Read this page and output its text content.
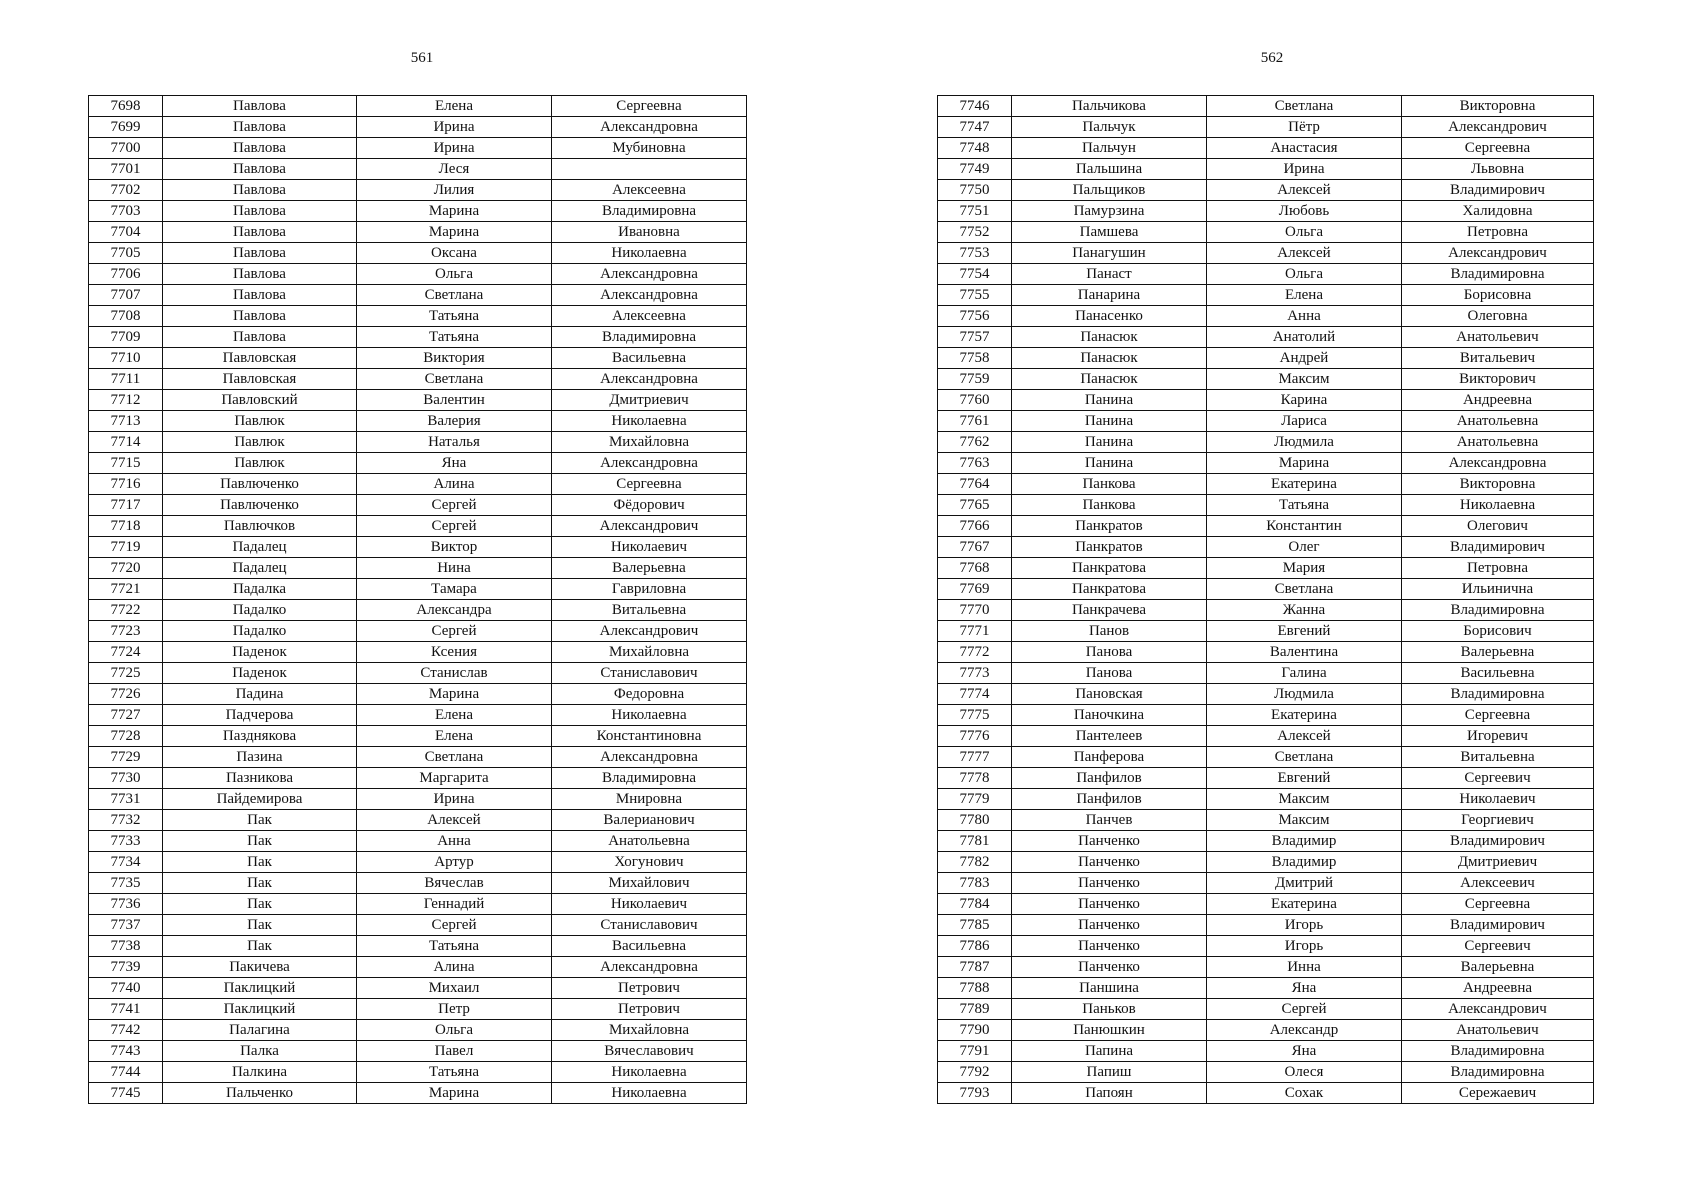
561	562
7698	Павлова	Елена	Сергеевна
7699	Павлова	Ирина	Александровна
7700	Павлова	Ирина	Мубиновна
7701	Павлова	Леся	
7702	Павлова	Лилия	Алексеевна
7703	Павлова	Марина	Владимировна
7704	Павлова	Марина	Ивановна
7705	Павлова	Оксана	Николаевна
7706	Павлова	Ольга	Александровна
7707	Павлова	Светлана	Александровна
7708	Павлова	Татьяна	Алексеевна
7709	Павлова	Татьяна	Владимировна
7710	Павловская	Виктория	Васильевна
7711	Павловская	Светлана	Александровна
7712	Павловский	Валентин	Дмитриевич
7713	Павлюк	Валерия	Николаевна
7714	Павлюк	Наталья	Михайловна
7715	Павлюк	Яна	Александровна
7716	Павлюченко	Алина	Сергеевна
7717	Павлюченко	Сергей	Фёдорович
7718	Павлючков	Сергей	Александрович
7719	Падалец	Виктор	Николаевич
7720	Падалец	Нина	Валерьевна
7721	Падалка	Тамара	Гавриловна
7722	Падалко	Александра	Витальевна
7723	Падалко	Сергей	Александрович
7724	Паденок	Ксения	Михайловна
7725	Паденок	Станислав	Станиславович
7726	Падина	Марина	Федоровна
7727	Падчерова	Елена	Николаевна
7728	Пазднякова	Елена	Константиновна
7729	Пазина	Светлана	Александровна
7730	Пазникова	Маргарита	Владимировна
7731	Пайдемирова	Ирина	Мнировна
7732	Пак	Алексей	Валерианович
7733	Пак	Анна	Анатольевна
7734	Пак	Артур	Хогунович
7735	Пак	Вячеслав	Михайлович
7736	Пак	Геннадий	Николаевич
7737	Пак	Сергей	Станиславович
7738	Пак	Татьяна	Васильевна
7739	Пакичева	Алина	Александровна
7740	Паклицкий	Михаил	Петрович
7741	Паклицкий	Петр	Петрович
7742	Палагина	Ольга	Михайловна
7743	Палка	Павел	Вячеславович
7744	Палкина	Татьяна	Николаевна
7745	Пальченко	Марина	Николаевна
7746	Пальчикова	Светлана	Викторовна
7747	Пальчук	Пётр	Александрович
7748	Пальчун	Анастасия	Сергеевна
7749	Пальшина	Ирина	Львовна
7750	Пальщиков	Алексей	Владимирович
7751	Памурзина	Любовь	Халидовна
7752	Памшева	Ольга	Петровна
7753	Панагушин	Алексей	Александрович
7754	Панаст	Ольга	Владимировна
7755	Панарина	Елена	Борисовна
7756	Панасенко	Анна	Олеговна
7757	Панасюк	Анатолий	Анатольевич
7758	Панасюк	Андрей	Витальевич
7759	Панасюк	Максим	Викторович
7760	Панина	Карина	Андреевна
7761	Панина	Лариса	Анатольевна
7762	Панина	Людмила	Анатольевна
7763	Панина	Марина	Александровна
7764	Панкова	Екатерина	Викторовна
7765	Панкова	Татьяна	Николаевна
7766	Панкратов	Константин	Олегович
7767	Панкратов	Олег	Владимирович
7768	Панкратова	Мария	Петровна
7769	Панкратова	Светлана	Ильинична
7770	Панкрачева	Жанна	Владимировна
7771	Панов	Евгений	Борисович
7772	Панова	Валентина	Валерьевна
7773	Панова	Галина	Васильевна
7774	Пановская	Людмила	Владимировна
7775	Паночкина	Екатерина	Сергеевна
7776	Пантелеев	Алексей	Игоревич
7777	Панферова	Светлана	Витальевна
7778	Панфилов	Евгений	Сергеевич
7779	Панфилов	Максим	Николаевич
7780	Панчев	Максим	Георгиевич
7781	Панченко	Владимир	Владимирович
7782	Панченко	Владимир	Дмитриевич
7783	Панченко	Дмитрий	Алексеевич
7784	Панченко	Екатерина	Сергеевна
7785	Панченко	Игорь	Владимирович
7786	Панченко	Игорь	Сергеевич
7787	Панченко	Инна	Валерьевна
7788	Паншина	Яна	Андреевна
7789	Паньков	Сергей	Александрович
7790	Панюшкин	Александр	Анатольевич
7791	Папина	Яна	Владимировна
7792	Папиш	Олеся	Владимировна
7793	Папоян	Сохак	Сережаевич
